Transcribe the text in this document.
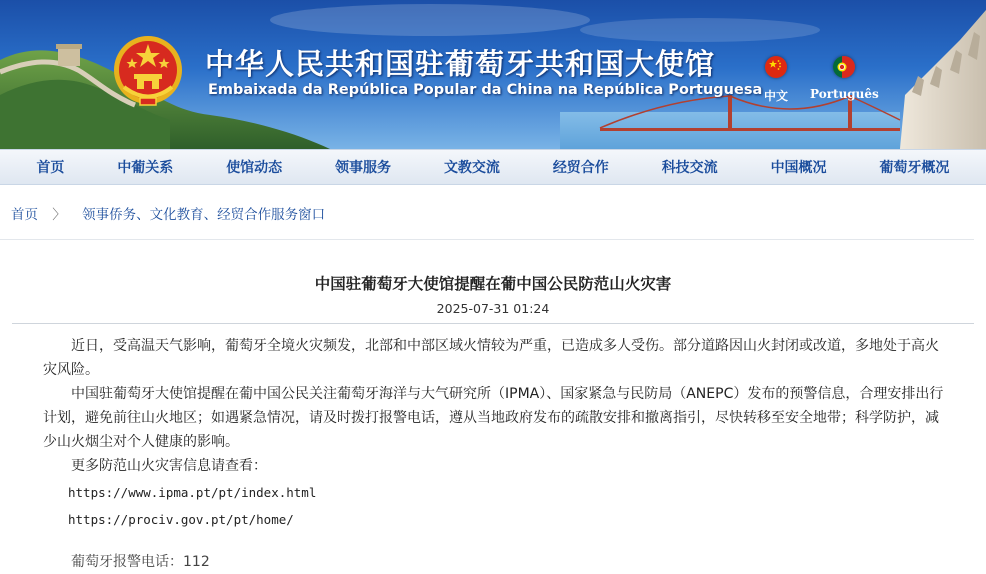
中华人民共和国驻葡萄牙共和国大使馆
Embaixada da República Popular da China na República Portuguesa 中文 Português
首页	中葡关系	使馆动态	领事服务	文教交流	经贸合作	科技交流	中国概况	葡萄牙概况
首页 〉 领事侨务、文化教育、经贸合作服务窗口
中国驻葡萄牙大使馆提醒在葡中国公民防范山火灾害
2025-07-31 01:24

近日，受高温天气影响，葡萄牙全境火灾频发，北部和中部区域火情较为严重，已造成多人受伤。部分道路因山火封闭或改道，多地处于高火灾风险。

中国驻葡萄牙大使馆提醒在葡中国公民关注葡萄牙海洋与大气研究所（IPMA）、国家紧急与民防局（ANEPC）发布的预警信息，合理安排出行计划，避免前往山火地区；如遇紧急情况，请及时拨打报警电话，遵从当地政府发布的疏散安排和撤离指引，尽快转移至安全地带；科学防护，减少山火烟尘对个人健康的影响。

更多防范山火灾害信息请查看：

https://www.ipma.pt/pt/index.html

https://prociv.gov.pt/pt/home/

葡萄牙报警电话：112
